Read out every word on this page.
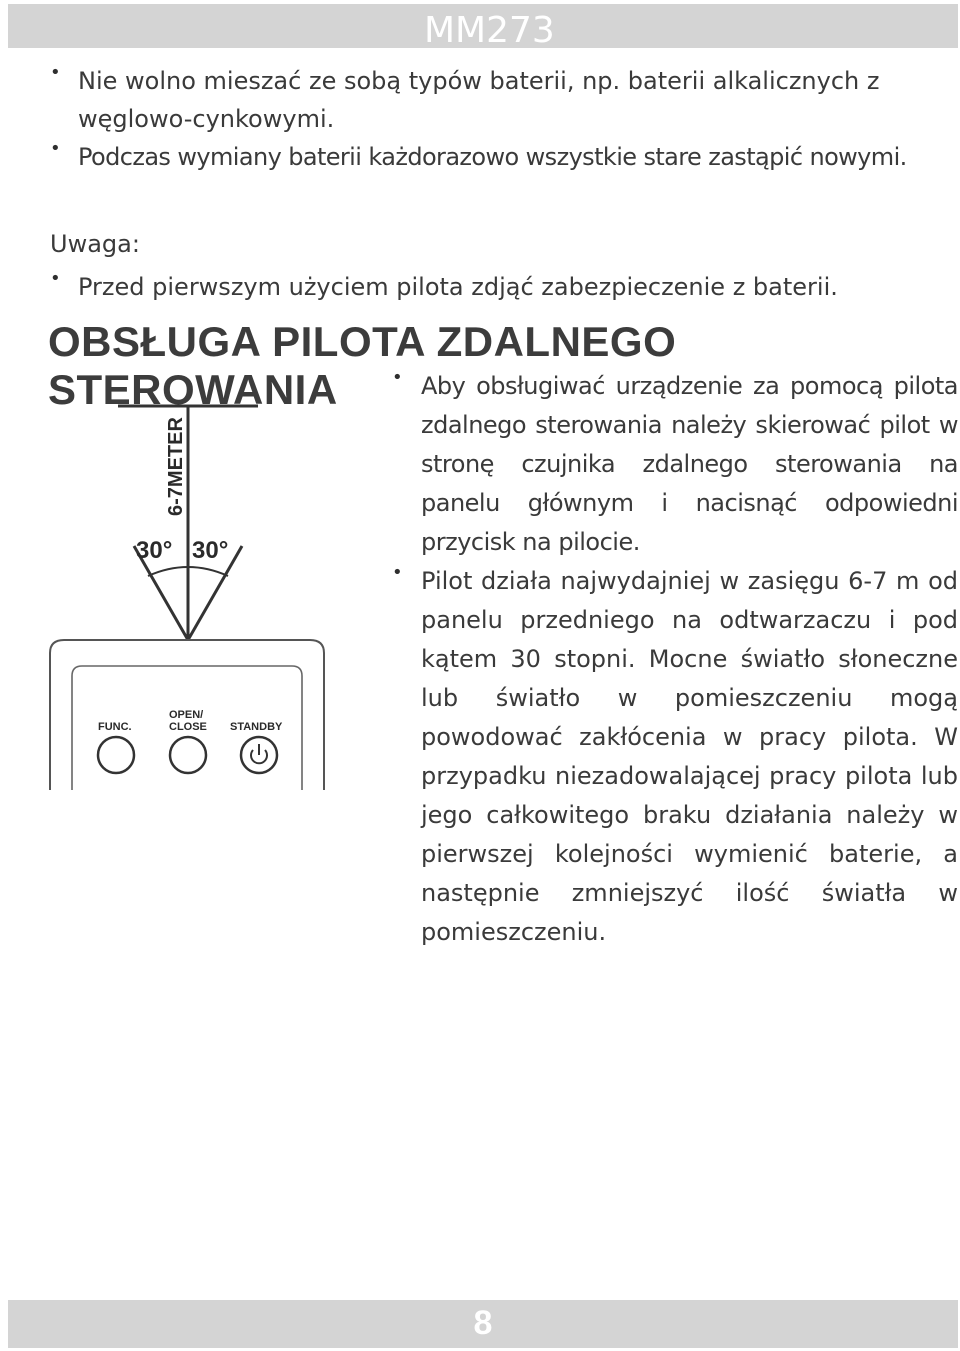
MM273
• Nie wolno mieszać ze sobą typów baterii, np. baterii alkalicznych z węglowo-cynkowymi.
• Podczas wymiany baterii każdorazowo wszystkie stare zastąpić nowymi.
Uwaga:
• Przed pierwszym użyciem pilota zdjąć zabezpieczenie z baterii.
OBSŁUGA PILOTA ZDALNEGO STEROWANIA
6-7METER
30° 30°
FUNC.
OPEN/
CLOSE STANDBY
• Aby obsługiwać urządzenie za pomocą pilota zdalnego sterowania należy skierować pilot w stronę czujnika zdalnego sterowania na panelu głównym i nacisnąć odpowiedni przycisk na pilocie.
• Pilot działa najwydajniej w zasięgu 6-7 m od panelu przedniego na odtwarzaczu i pod kątem 30 stopni. Mocne światło słoneczne lub światło w pomieszczeniu mogą powodować zakłócenia w pracy pilota. W przypadku niezadowalającej pracy pilota lub jego całkowitego braku działania należy w pierwszej kolejności wymienić baterie, a następnie zmniejszyć ilość światła w pomieszczeniu.
8
